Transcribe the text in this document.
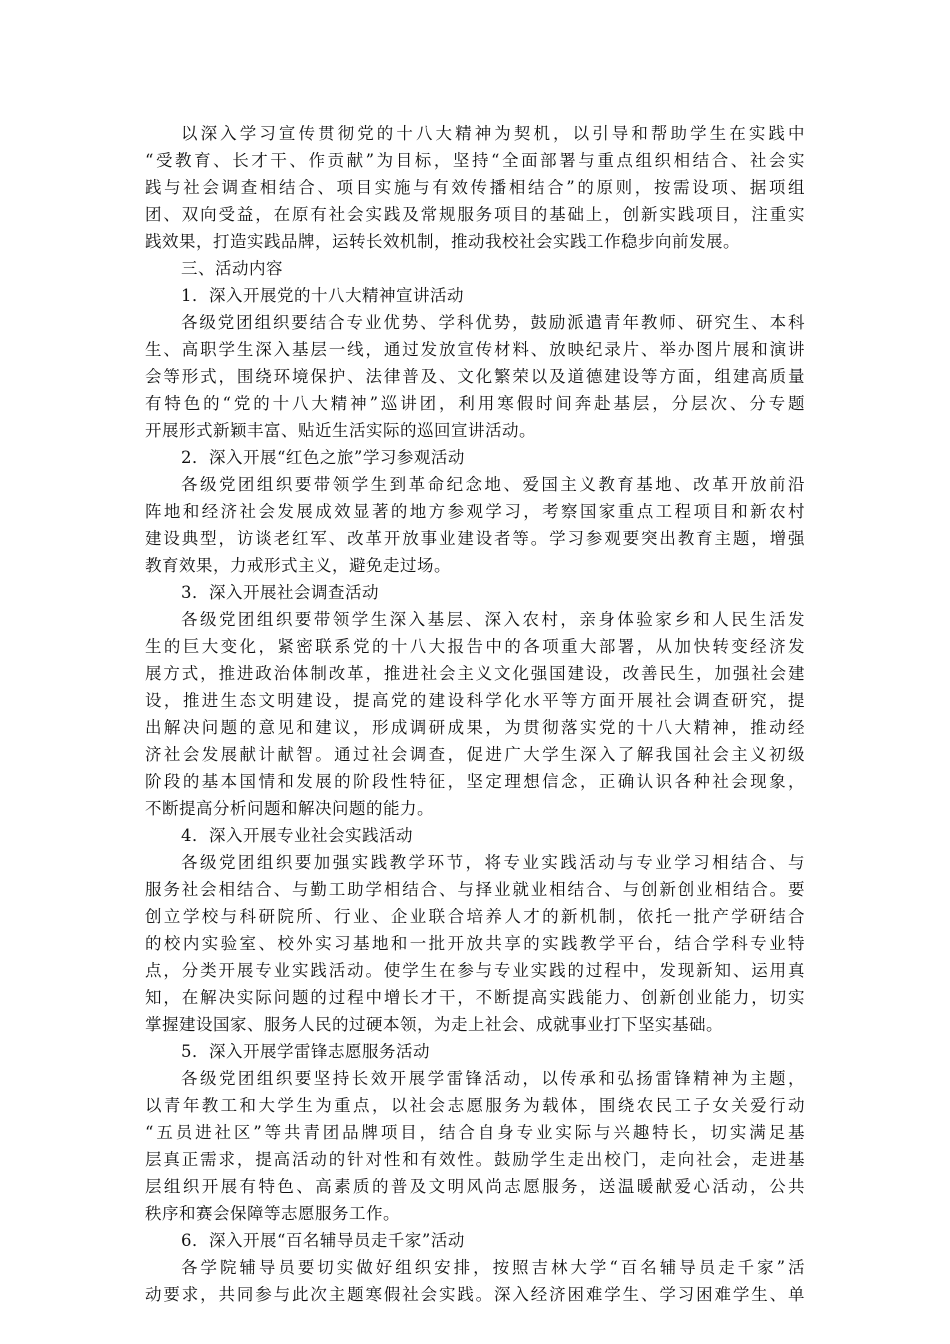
以深入学习宣传贯彻党的十八大精神为契机，以引导和帮助学生在实践中
“受教育、长才干、作贡献”为目标，坚持“全面部署与重点组织相结合、社会实
践与社会调查相结合、项目实施与有效传播相结合”的原则，按需设项、据项组
团、双向受益，在原有社会实践及常规服务项目的基础上，创新实践项目，注重实
践效果，打造实践品牌，运转长效机制，推动我校社会实践工作稳步向前发展。
三、活动内容
1．深入开展党的十八大精神宣讲活动
各级党团组织要结合专业优势、学科优势，鼓励派遣青年教师、研究生、本科
生、高职学生深入基层一线，通过发放宣传材料、放映纪录片、举办图片展和演讲
会等形式，围绕环境保护、法律普及、文化繁荣以及道德建设等方面，组建高质量
有特色的“党的十八大精神”巡讲团，利用寒假时间奔赴基层，分层次、分专题
开展形式新颖丰富、贴近生活实际的巡回宣讲活动。
2．深入开展“红色之旅”学习参观活动
各级党团组织要带领学生到革命纪念地、爱国主义教育基地、改革开放前沿
阵地和经济社会发展成效显著的地方参观学习，考察国家重点工程项目和新农村
建设典型，访谈老红军、改革开放事业建设者等。学习参观要突出教育主题，增强
教育效果，力戒形式主义，避免走过场。
3．深入开展社会调查活动
各级党团组织要带领学生深入基层、深入农村，亲身体验家乡和人民生活发
生的巨大变化，紧密联系党的十八大报告中的各项重大部署，从加快转变经济发
展方式，推进政治体制改革，推进社会主义文化强国建设，改善民生，加强社会建
设，推进生态文明建设，提高党的建设科学化水平等方面开展社会调查研究，提
出解决问题的意见和建议，形成调研成果，为贯彻落实党的十八大精神，推动经
济社会发展献计献智。通过社会调查，促进广大学生深入了解我国社会主义初级
阶段的基本国情和发展的阶段性特征，坚定理想信念，正确认识各种社会现象，
不断提高分析问题和解决问题的能力。
4．深入开展专业社会实践活动
各级党团组织要加强实践教学环节，将专业实践活动与专业学习相结合、与
服务社会相结合、与勤工助学相结合、与择业就业相结合、与创新创业相结合。要
创立学校与科研院所、行业、企业联合培养人才的新机制，依托一批产学研结合
的校内实验室、校外实习基地和一批开放共享的实践教学平台，结合学科专业特
点，分类开展专业实践活动。使学生在参与专业实践的过程中，发现新知、运用真
知，在解决实际问题的过程中增长才干，不断提高实践能力、创新创业能力，切实
掌握建设国家、服务人民的过硬本领，为走上社会、成就事业打下坚实基础。
5．深入开展学雷锋志愿服务活动
各级党团组织要坚持长效开展学雷锋活动，以传承和弘扬雷锋精神为主题，
以青年教工和大学生为重点，以社会志愿服务为载体，围绕农民工子女关爱行动
“五员进社区”等共青团品牌项目，结合自身专业实际与兴趣特长，切实满足基
层真正需求，提高活动的针对性和有效性。鼓励学生走出校门，走向社会，走进基
层组织开展有特色、高素质的普及文明风尚志愿服务，送温暖献爱心活动，公共
秩序和赛会保障等志愿服务工作。
6．深入开展“百名辅导员走千家”活动
各学院辅导员要切实做好组织安排，按照吉林大学“百名辅导员走千家”活
动要求，共同参与此次主题寒假社会实践。深入经济困难学生、学习困难学生、单
